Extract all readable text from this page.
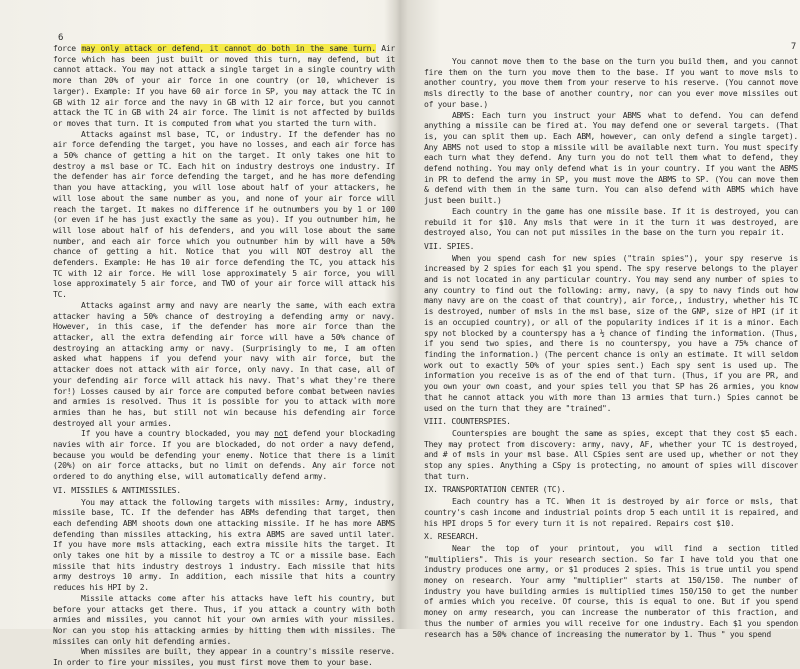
6

force may only attack or defend, it cannot do both in the same turn. Air force which has been just built or moved this turn, may defend, but it cannot attack. You may not attack a single target in a single country with more than 20% of your air force in one country (or 10, whichever is larger). Example: If you have 60 air force in SP, you may attack the TC in GB with 12 air force and the navy in GB with 12 air force, but you cannot attack the TC in GB with 24 air force. The limit is not affected by builds or moves that turn. It is computed from what you started the turn with.

Attacks against msl base, TC, or industry. If the defender has no air force defending the target, you have no losses, and each air force has a 50% chance of getting a hit on the target. It only takes one hit to destroy a msl base or TC. Each hit on industry destroys one industry. If the defender has air force defending the target, and he has more defending than you have attacking, you will lose about half of your attackers, he will lose about the same number as you, and none of your air force will reach the target. It makes no difference if he outnumbers you by 1 or 100 (or even if he has just exactly the same as you). If you outnumber him, he will lose about half of his defenders, and you will lose about the same number, and each air force which you outnumber him by will have a 50% chance of getting a hit. Notice that you will NOT destroy all the defenders. Example: He has 10 air force defending the TC, you attack his TC with 12 air force. He will lose approximately 5 air force, you will lose approximately 5 air force, and TWO of your air force will attack his TC.

Attacks against army and navy are nearly the same, with each extra attacker having a 50% chance of destroying a defending army or navy. However, in this case, if the defender has more air force than the attacker, all the extra defending air force will have a 50% chance of destroying an attacking army or navy. (Surprisingly to me, I am often asked what happens if you defend your navy with air force, but the attacker does not attack with air force, only navy. In that case, all of your defending air force will attack his navy. That's what they're there for!) Losses caused by air force are computed before combat between navies and armies is resolved. Thus it is possible for you to attack with more armies than he has, but still not win because his defending air force destroyed all your armies.

If you have a country blockaded, you may not defend your blockading navies with air force. If you are blockaded, do not order a navy defend, because you would be defending your enemy. Notice that there is a limit (20%) on air force attacks, but no limit on defends. Any air force not ordered to do anything else, will automatically defend army.

VI. MISSILES & ANTIMISSILES.

You may attack the following targets with missiles: Army, industry, missile base, TC. If the defender has ABMs defending that target, then each defending ABM shoots down one attacking missile. If he has more ABMS defending than missiles attacking, his extra ABMS are saved until later. If you have more msls attacking, each extra missile hits the target. It only takes one hit by a missile to destroy a TC or a missile base. Each missile that hits industry destroys 1 industry. Each missile that hits army destroys 10 army. In addition, each missile that hits a country reduces his HPI by 2.

Missile attacks come after his attacks have left his country, but before your attacks get there. Thus, if you attack a country with both armies and missiles, you cannot hit your own armies with your missiles. Nor can you stop his attacking armies by hitting them with missiles. The missiles can only hit defending armies.

When missiles are built, they appear in a country's missile reserve. In order to fire your missiles, you must first move them to your base.

You cannot move them to the base on the turn you build them, and you cannot fire them on the turn you move them to the base. If you want to move msls to another country, you move them from your reserve to his reserve. (You cannot move msls directly to the base of another country, nor can you ever move missiles out of your base.)

ABMS: Each turn you instruct your ABMS what to defend. You can defend anything a missile can be fired at. You may defend one or several targets. (That is, you can split them up. Each ABM, however, can only defend a single target). Any ABMS not used to stop a missile will be available next turn. You must specify each turn what they defend. Any turn you do not tell them what to defend, they defend nothing. You may only defend what is in your country. If you want the ABMS in PR to defend the army in SP, you must move the ABMS to SP. (You can move them & defend with them in the same turn. You can also defend with ABMS which have just been built.)

Each country in the game has one missile base. If it is destroyed, you can rebuild it for $10. Any msls that were in it the turn it was destroyed, are destroyed also, You can not put missiles in the base on the turn you repair it.

VII. SPIES.

When you spend cash for new spies ("train spies"), your spy reserve is increased by 2 spies for each $1 you spend. The spy reserve belongs to the player and is not located in any particular country. You may send any number of spies to any country to find out the following: army, navy, (a spy to navy finds out how many navy are on the coast of that country), air force,, industry, whether his TC is destroyed, number of msls in the msl base, size of the GNP, size of HPI (if it is an occupied country), or all of the popularity indices if it is a minor. Each spy not blocked by a counterspy has a ½ chance of finding the information. (Thus, if you send two spies, and there is no counterspy, you have a 75% chance of finding the information.) (The percent chance is only an estimate. It will seldom work out to exactly 50% of your spies sent.) Each spy sent is used up. The information you receive is as of the end of that turn. (Thus, if you are PR, and you own your own coast, and your spies tell you that SP has 26 armies, you know that he cannot attack you with more than 13 armies that turn.) Spies cannot be used on the turn that they are "trained".

VIII. COUNTERSPIES.

Counterspies are bought the same as spies, except that they cost $5 each. They may protect from discovery: army, navy, AF, whether your TC is destroyed, and # of msls in your msl base. All CSpies sent are used up, whether or not they stop any spies. Anything a CSpy is protecting, no amount of spies will discover that turn.

IX. TRANSPORTATION CENTER (TC).

Each country has a TC. When it is destroyed by air force or msls, that country's cash income and industrial points drop 5 each until it is repaired, and his HPI drops 5 for every turn it is not repaired. Repairs cost $10.

X. RESEARCH.

Near the top of your printout, you will find a section titled "multipliers". This is your research section. So far I have told you that one industry produces one army, or $1 produces 2 spies. This is true until you spend money on research. Your army "multiplier" starts at 150/150. The number of industry you have building armies is multiplied times 150/150 to get the number of armies which you receive. Of course, this is equal to one. But if you spend money on army research, you can increase the numberator of this fraction, and thus the number of armies you will receive for one industry. Each $1 you spendon research has a 50% chance of increasing the numerator by 1. Thus " you spend

7
